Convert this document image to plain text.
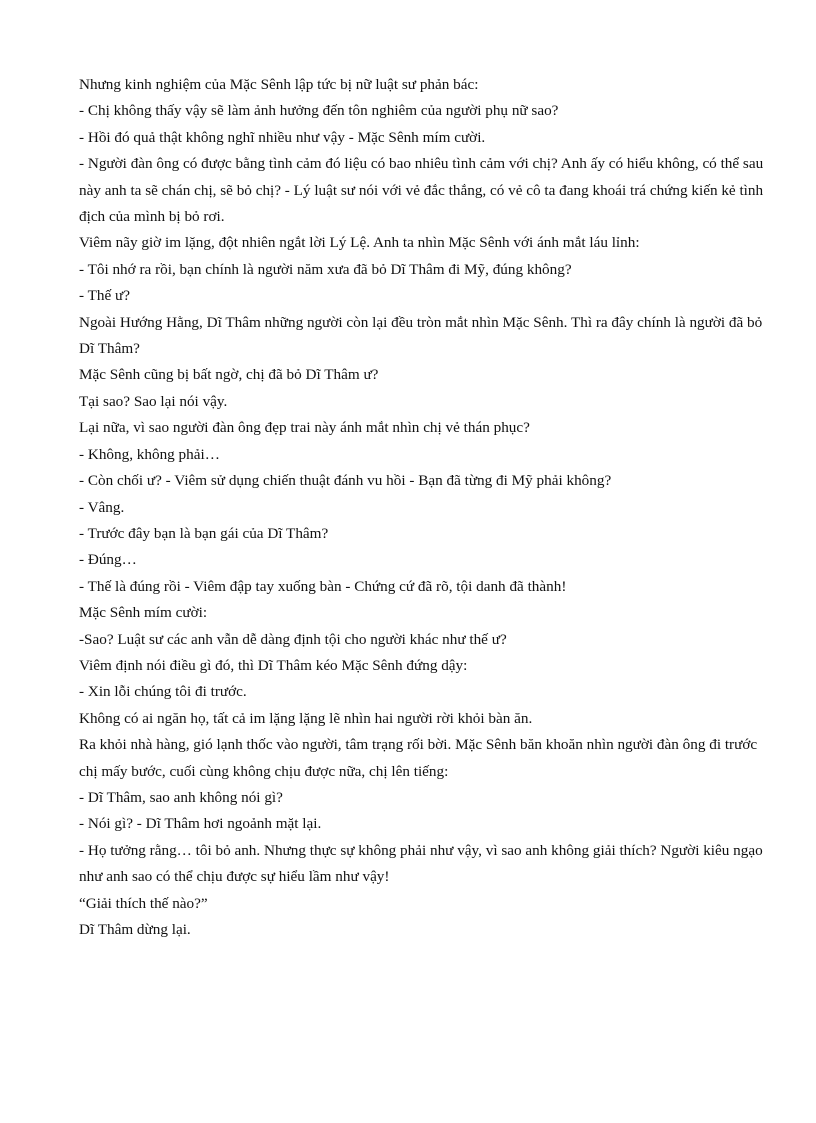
Nhưng kinh nghiệm của Mặc Sênh lập tức bị nữ luật sư phản bác:

- Chị không thấy vậy sẽ làm ảnh hưởng đến tôn nghiêm của người phụ nữ sao?

- Hồi đó quả thật không nghĩ nhiều như vậy - Mặc Sênh mím cười.

- Người đàn ông có được bằng tình cảm đó liệu có bao nhiêu tình cảm với chị? Anh ấy có hiểu không, có thể sau này anh ta sẽ chán chị, sẽ bỏ chị? - Lý luật sư nói với vẻ đắc thắng, có vẻ cô ta đang khoái trá chứng kiến kẻ tình địch của mình bị bỏ rơi.

Viêm nãy giờ im lặng, đột nhiên ngắt lời Lý Lệ. Anh ta nhìn Mặc Sênh với ánh mắt láu lỉnh:

- Tôi nhớ ra rồi, bạn chính là người năm xưa đã bỏ Dĩ Thâm đi Mỹ, đúng không?

- Thế ư?

Ngoài Hướng Hằng, Dĩ Thâm những người còn lại đều tròn mắt nhìn Mặc Sênh. Thì ra đây chính là người đã bỏ Dĩ Thâm?

Mặc Sênh cũng bị bất ngờ, chị đã bỏ Dĩ Thâm ư?

Tại sao? Sao lại nói vậy.

Lại nữa, vì sao người đàn ông đẹp trai này ánh mắt nhìn chị vẻ thán phục?

- Không, không phải…

- Còn chối ư? - Viêm sử dụng chiến thuật đánh vu hồi - Bạn đã từng đi Mỹ phải không?

- Vâng.

- Trước đây bạn là bạn gái của Dĩ Thâm?

- Đúng…

- Thế là đúng rồi - Viêm đập tay xuống bàn - Chứng cứ đã rõ, tội danh đã thành!

Mặc Sênh mím cười:

-Sao? Luật sư các anh vẫn dễ dàng định tội cho người khác như thế ư?

Viêm định nói điều gì đó, thì Dĩ Thâm kéo Mặc Sênh đứng dậy:

- Xin lỗi chúng tôi đi trước.

Không có ai ngăn họ, tất cả im lặng lặng lẽ nhìn hai người rời khỏi bàn ăn.

Ra khỏi nhà hàng, gió lạnh thốc vào người, tâm trạng rối bời. Mặc Sênh băn khoăn nhìn người đàn ông đi trước chị mấy bước, cuối cùng không chịu được nữa, chị lên tiếng:

- Dĩ Thâm, sao anh không nói gì?

- Nói gì? - Dĩ Thâm hơi ngoảnh mặt lại.

- Họ tưởng rằng… tôi bỏ anh. Nhưng thực sự không phải như vậy, vì sao anh không giải thích? Người kiêu ngạo như anh sao có thể chịu được sự hiểu lầm như vậy!

“Giải thích thế nào?”

Dĩ Thâm dừng lại.
